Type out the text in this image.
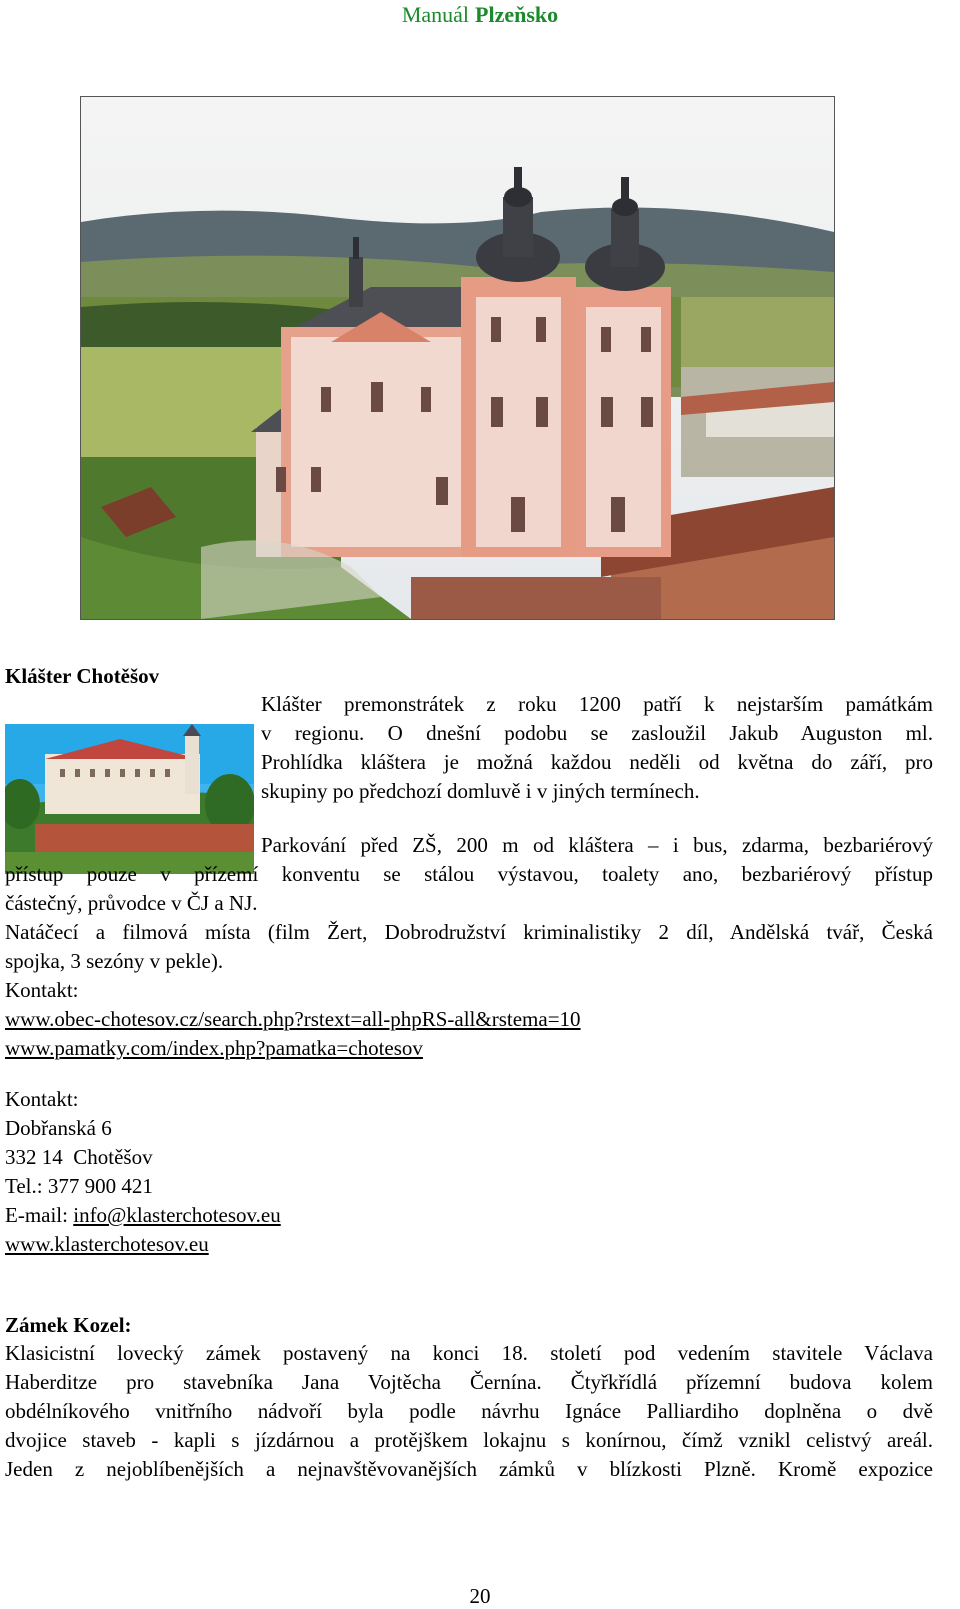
Manuál Plzeňsko
Klášter Chotěšov
Klášter premonstrátek z roku 1200 patří k nejstarším památkám
v regionu. O dnešní podobu se zasloužil Jakub Auguston ml.
Prohlídka kláštera je možná každou neděli od května do září, pro
skupiny po předchozí domluvě i v jiných termínech.
Parkování před ZŠ, 200 m od kláštera – i bus, zdarma, bezbariérový
přístup pouze v přízemí konventu se stálou výstavou, toalety ano, bezbariérový přístup
částečný, průvodce v ČJ a NJ.
Natáčecí a filmová místa (film Žert, Dobrodružství kriminalistiky 2 díl, Andělská tvář, Česká
spojka, 3 sezóny v pekle).
Kontakt:
www.obec-chotesov.cz/search.php?rstext=all-phpRS-all&rstema=10
www.pamatky.com/index.php?pamatka=chotesov
Kontakt:
Dobřanská 6
332 14  Chotěšov
Tel.: 377 900 421
E-mail: info@klasterchotesov.eu
www.klasterchotesov.eu
Zámek Kozel:
Klasicistní lovecký zámek postavený na konci 18. století pod vedením stavitele Václava
Haberditze pro stavebníka Jana Vojtěcha Černína. Čtyřkřídlá přízemní budova kolem
obdélníkového vnitřního nádvoří byla podle návrhu Ignáce Palliardiho doplněna o dvě
dvojice staveb - kapli s jízdárnou a protějškem lokajnu s konírnou, čímž vznikl celistvý areál.
Jeden z nejoblíbenějších a nejnavštěvovanějších zámků v blízkosti Plzně. Kromě expozice
20
